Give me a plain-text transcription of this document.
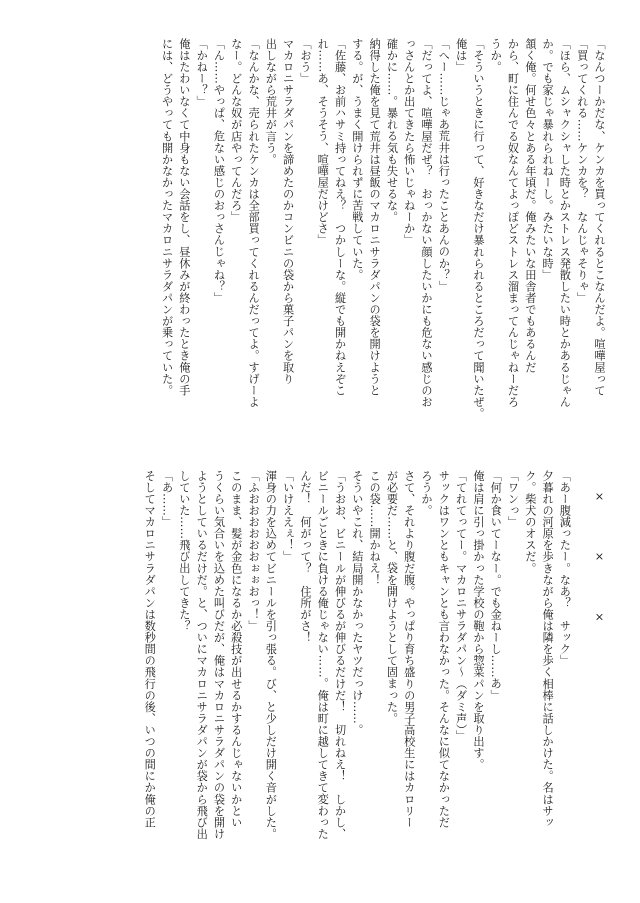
「なんつーかだな、ケンカを買ってくれるとこなんだよ。喧嘩屋って
「買ってくれる……ケンカを？　なんじゃそりゃ」
「ほら、ムシャクシャした時とかストレス発散したい時とかあるじゃん
か。でも家じゃ暴れられねーし。みたいな時」
頷く俺。何せ色々とある年頃だ。俺みたいな田舎者でもあるんだ
から、町に住んでる奴なんてよっぽどストレス溜まってんじゃねーだろ
うか。
「そういうときに行って、好きなだけ暴れられるところだって聞いたぜ。
俺は」
「へー……じゃあ荒井は行ったことあんのか？」
「だってよ、喧嘩屋だぜ？　おっかない顔したいかにも危ない感じのお
っさんとか出てきたら怖いじゃねーか」
確かに……。暴れる気も失せるな。
納得した俺を見て荒井は昼飯のマカロニサラダパンの袋を開けようと
する。が、うまく開けられずに苦戦していた。
「佐藤、お前ハサミ持ってねえ？　つかしーな。縦でも開かねえぞこ
れ……あ、そうそう、喧嘩屋だけどさ」
「おう」
マカロニサラダパンを諦めたのかコンビニの袋から菓子パンを取り
出しながら荒井が言う。
「なんかな、売られたケンカは全部買ってくれるんだってよ。すげーよ
なー。どんな奴が店やってんだろ」
「ん……やっぱ、危ない感じのおっさんじゃね？」
「かねー？」
俺はたわいなくて中身もない会話をし、昼休みが終わったとき俺の手
には、どうやっても開かなかったマカロニサラダパンが乗っていた。
×　×　×
「あー腹減ったー。なあ？　サック」
夕暮れの河原を歩きながら俺は隣を歩く相棒に話しかけた。名はサッ
ク。柴犬のオスだ。
「ワンっ」
「何か食いてーなー。でも金ねーし……あ」
俺は肩に引っ掛かった学校の鞄から惣菜パンを取り出す。
「てれてってー。マカロニサラダパン～（ダミ声）」
サックはワンともキャンとも言わなかった。そんなに似てなかっただ
ろうか。
さて、それより腹だ腹。やっぱり育ち盛りの男子高校生にはカロリー
が必要だ……と、袋を開けようとして固まった。
この袋……開かねえ！
そういやこれ、結局開かなかったヤツだっけ……。
「うおお、ビニールが伸びるが伸びるだけだ！　切れねえ！　しかし、
ビニールごときに負ける俺じゃない……。俺は町に越してきて変わった
んだ！　何がって？　住所がさ！
「いけええぇ！」
渾身の力を込めてビニールを引っ張る。び、と少しだけ開く音がした。
「ふおおおおおおぉぉおっ！」
このまま、髪が金色になるか必殺技が出せるかするんじゃないかとい
うくらい気合いを込めた叫びだが、俺はマカロニサラダパンの袋を開け
ようとしているだけだ。と、ついにマカロニサラダパンが袋から飛び出
していた……飛び出してきた？
「あ……」
そしてマカロニサラダパンは数秒間の飛行の後、いつの間にか俺の正
